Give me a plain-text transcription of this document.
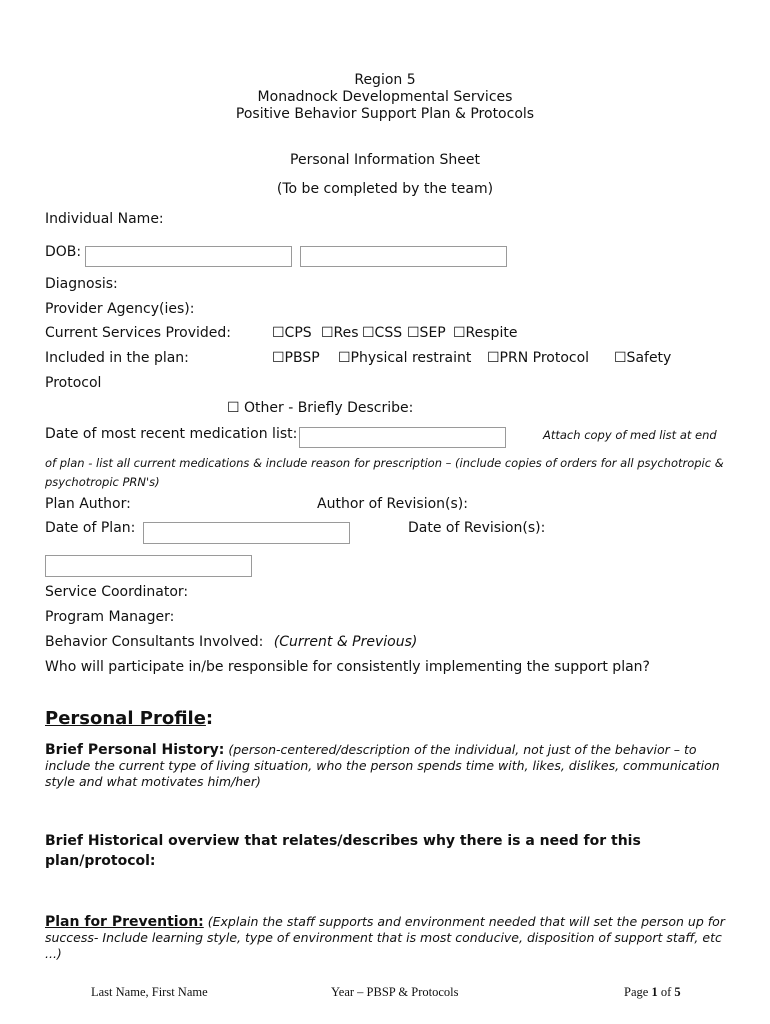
Region 5
Monadnock Developmental Services
Positive Behavior Support Plan & Protocols
Personal Information Sheet
(To be completed by the team)
Individual Name:
DOB:
Diagnosis:
Provider Agency(ies):
Current Services Provided:	☐CPS ☐Res ☐CSS ☐SEP ☐Respite
Included in the plan:	☐PBSP ☐Physical restraint ☐PRN Protocol ☐Safety
Protocol
☐ Other - Briefly Describe:
Date of most recent medication list:	Attach copy of med list at end
of plan - list all current medications & include reason for prescription – (include copies of orders for all psychotropic &
psychotropic PRN's)
Plan Author:	Author of Revision(s):
Date of Plan:	Date of Revision(s):
Service Coordinator:
Program Manager:
Behavior Consultants Involved: (Current & Previous)
Who will participate in/be responsible for consistently implementing the support plan?
Personal Profile:
Brief Personal History: (person-centered/description of the individual, not just of the behavior – to include the current type of living situation, who the person spends time with, likes, dislikes, communication style and what motivates him/her)
Brief Historical overview that relates/describes why there is a need for this plan/protocol:
Plan for Prevention: (Explain the staff supports and environment needed that will set the person up for success- Include learning style, type of environment that is most conducive, disposition of support staff, etc ...)
Last Name, First Name	Year – PBSP & Protocols	Page 1 of 5
